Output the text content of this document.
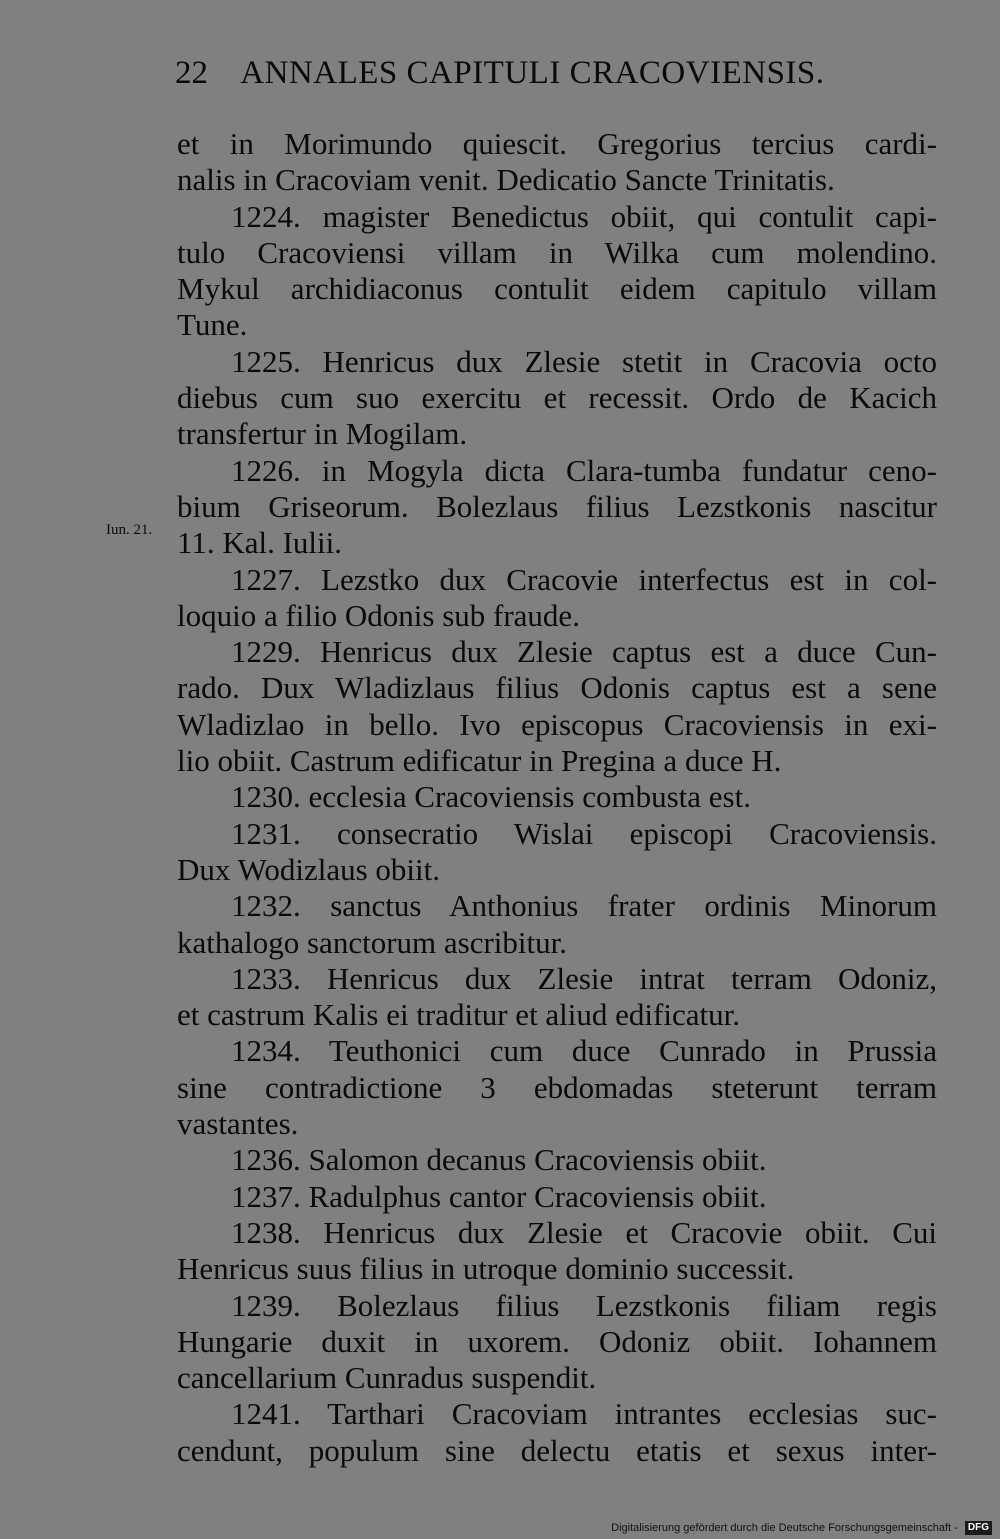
22 ANNALES CAPITULI CRACOVIENSIS.
Iun. 21.
et in Morimundo quiescit. Gregorius tercius cardi-
nalis in Cracoviam venit. Dedicatio Sancte Trinitatis.
1224. magister Benedictus obiit, qui contulit capi-
tulo Cracoviensi villam in Wilka cum molendino.
Mykul archidiaconus contulit eidem capitulo villam
Tune.
1225. Henricus dux Zlesie stetit in Cracovia octo
diebus cum suo exercitu et recessit. Ordo de Kacich
transfertur in Mogilam.
1226. in Mogyla dicta Clara-tumba fundatur ceno-
bium Griseorum. Bolezlaus filius Lezstkonis nascitur
11. Kal. Iulii.
1227. Lezstko dux Cracovie interfectus est in col-
loquio a filio Odonis sub fraude.
1229. Henricus dux Zlesie captus est a duce Cun-
rado. Dux Wladizlaus filius Odonis captus est a sene
Wladizlao in bello. Ivo episcopus Cracoviensis in exi-
lio obiit. Castrum edificatur in Pregina a duce H.
1230. ecclesia Cracoviensis combusta est.
1231. consecratio Wislai episcopi Cracoviensis.
Dux Wodizlaus obiit.
1232. sanctus Anthonius frater ordinis Minorum
kathalogo sanctorum ascribitur.
1233. Henricus dux Zlesie intrat terram Odoniz,
et castrum Kalis ei traditur et aliud edificatur.
1234. Teuthonici cum duce Cunrado in Prussia
sine contradictione 3 ebdomadas steterunt terram
vastantes.
1236. Salomon decanus Cracoviensis obiit.
1237. Radulphus cantor Cracoviensis obiit.
1238. Henricus dux Zlesie et Cracovie obiit. Cui
Henricus suus filius in utroque dominio successit.
1239. Bolezlaus filius Lezstkonis filiam regis
Hungarie duxit in uxorem. Odoniz obiit. Iohannem
cancellarium Cunradus suspendit.
1241. Tarthari Cracoviam intrantes ecclesias suc-
cendunt, populum sine delectu etatis et sexus inter-
Digitalisierung gefördert durch die Deutsche Forschungsgemeinschaft - DFG
